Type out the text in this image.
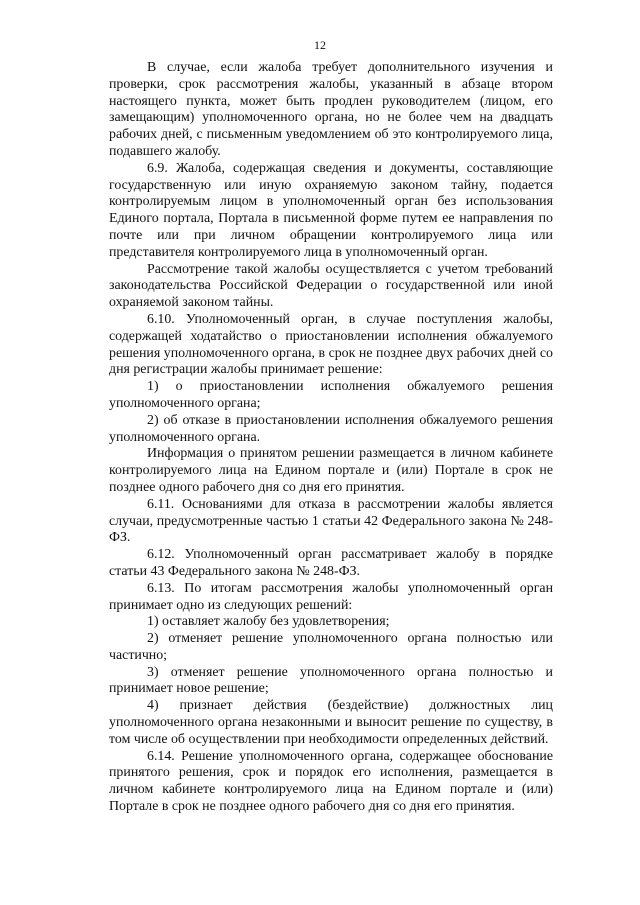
12

В случае, если жалоба требует дополнительного изучения и проверки, срок рассмотрения жалобы, указанный в абзаце втором настоящего пункта, может быть продлен руководителем (лицом, его замещающим) уполномоченного органа, но не более чем на двадцать рабочих дней, с письменным уведомлением об это контролируемого лица, подавшего жалобу.

6.9. Жалоба, содержащая сведения и документы, составляющие государственную или иную охраняемую законом тайну, подается контролируемым лицом в уполномоченный орган без использования Единого портала, Портала в письменной форме путем ее направления по почте или при личном обращении контролируемого лица или представителя контролируемого лица в уполномоченный орган.

Рассмотрение такой жалобы осуществляется с учетом требований законодательства Российской Федерации о государственной или иной охраняемой законом тайны.

6.10. Уполномоченный орган, в случае поступления жалобы, содержащей ходатайство о приостановлении исполнения обжалуемого решения уполномоченного органа, в срок не позднее двух рабочих дней со дня регистрации жалобы принимает решение:

1) о приостановлении исполнения обжалуемого решения уполномоченного органа;

2) об отказе в приостановлении исполнения обжалуемого решения уполномоченного органа.

Информация о принятом решении размещается в личном кабинете контролируемого лица на Едином портале и (или) Портале в срок не позднее одного рабочего дня со дня его принятия.

6.11. Основаниями для отказа в рассмотрении жалобы является случаи, предусмотренные частью 1 статьи 42 Федерального закона № 248-ФЗ.

6.12. Уполномоченный орган рассматривает жалобу в порядке статьи 43 Федерального закона № 248-ФЗ.

6.13. По итогам рассмотрения жалобы уполномоченный орган принимает одно из следующих решений:

1) оставляет жалобу без удовлетворения;

2) отменяет решение уполномоченного органа полностью или частично;

3) отменяет решение уполномоченного органа полностью и принимает новое решение;

4) признает действия (бездействие) должностных лиц уполномоченного органа незаконными и выносит решение по существу, в том числе об осуществлении при необходимости определенных действий.

6.14. Решение уполномоченного органа, содержащее обоснование принятого решения, срок и порядок его исполнения, размещается в личном кабинете контролируемого лица на Едином портале и (или) Портале в срок не позднее одного рабочего дня со дня его принятия.
